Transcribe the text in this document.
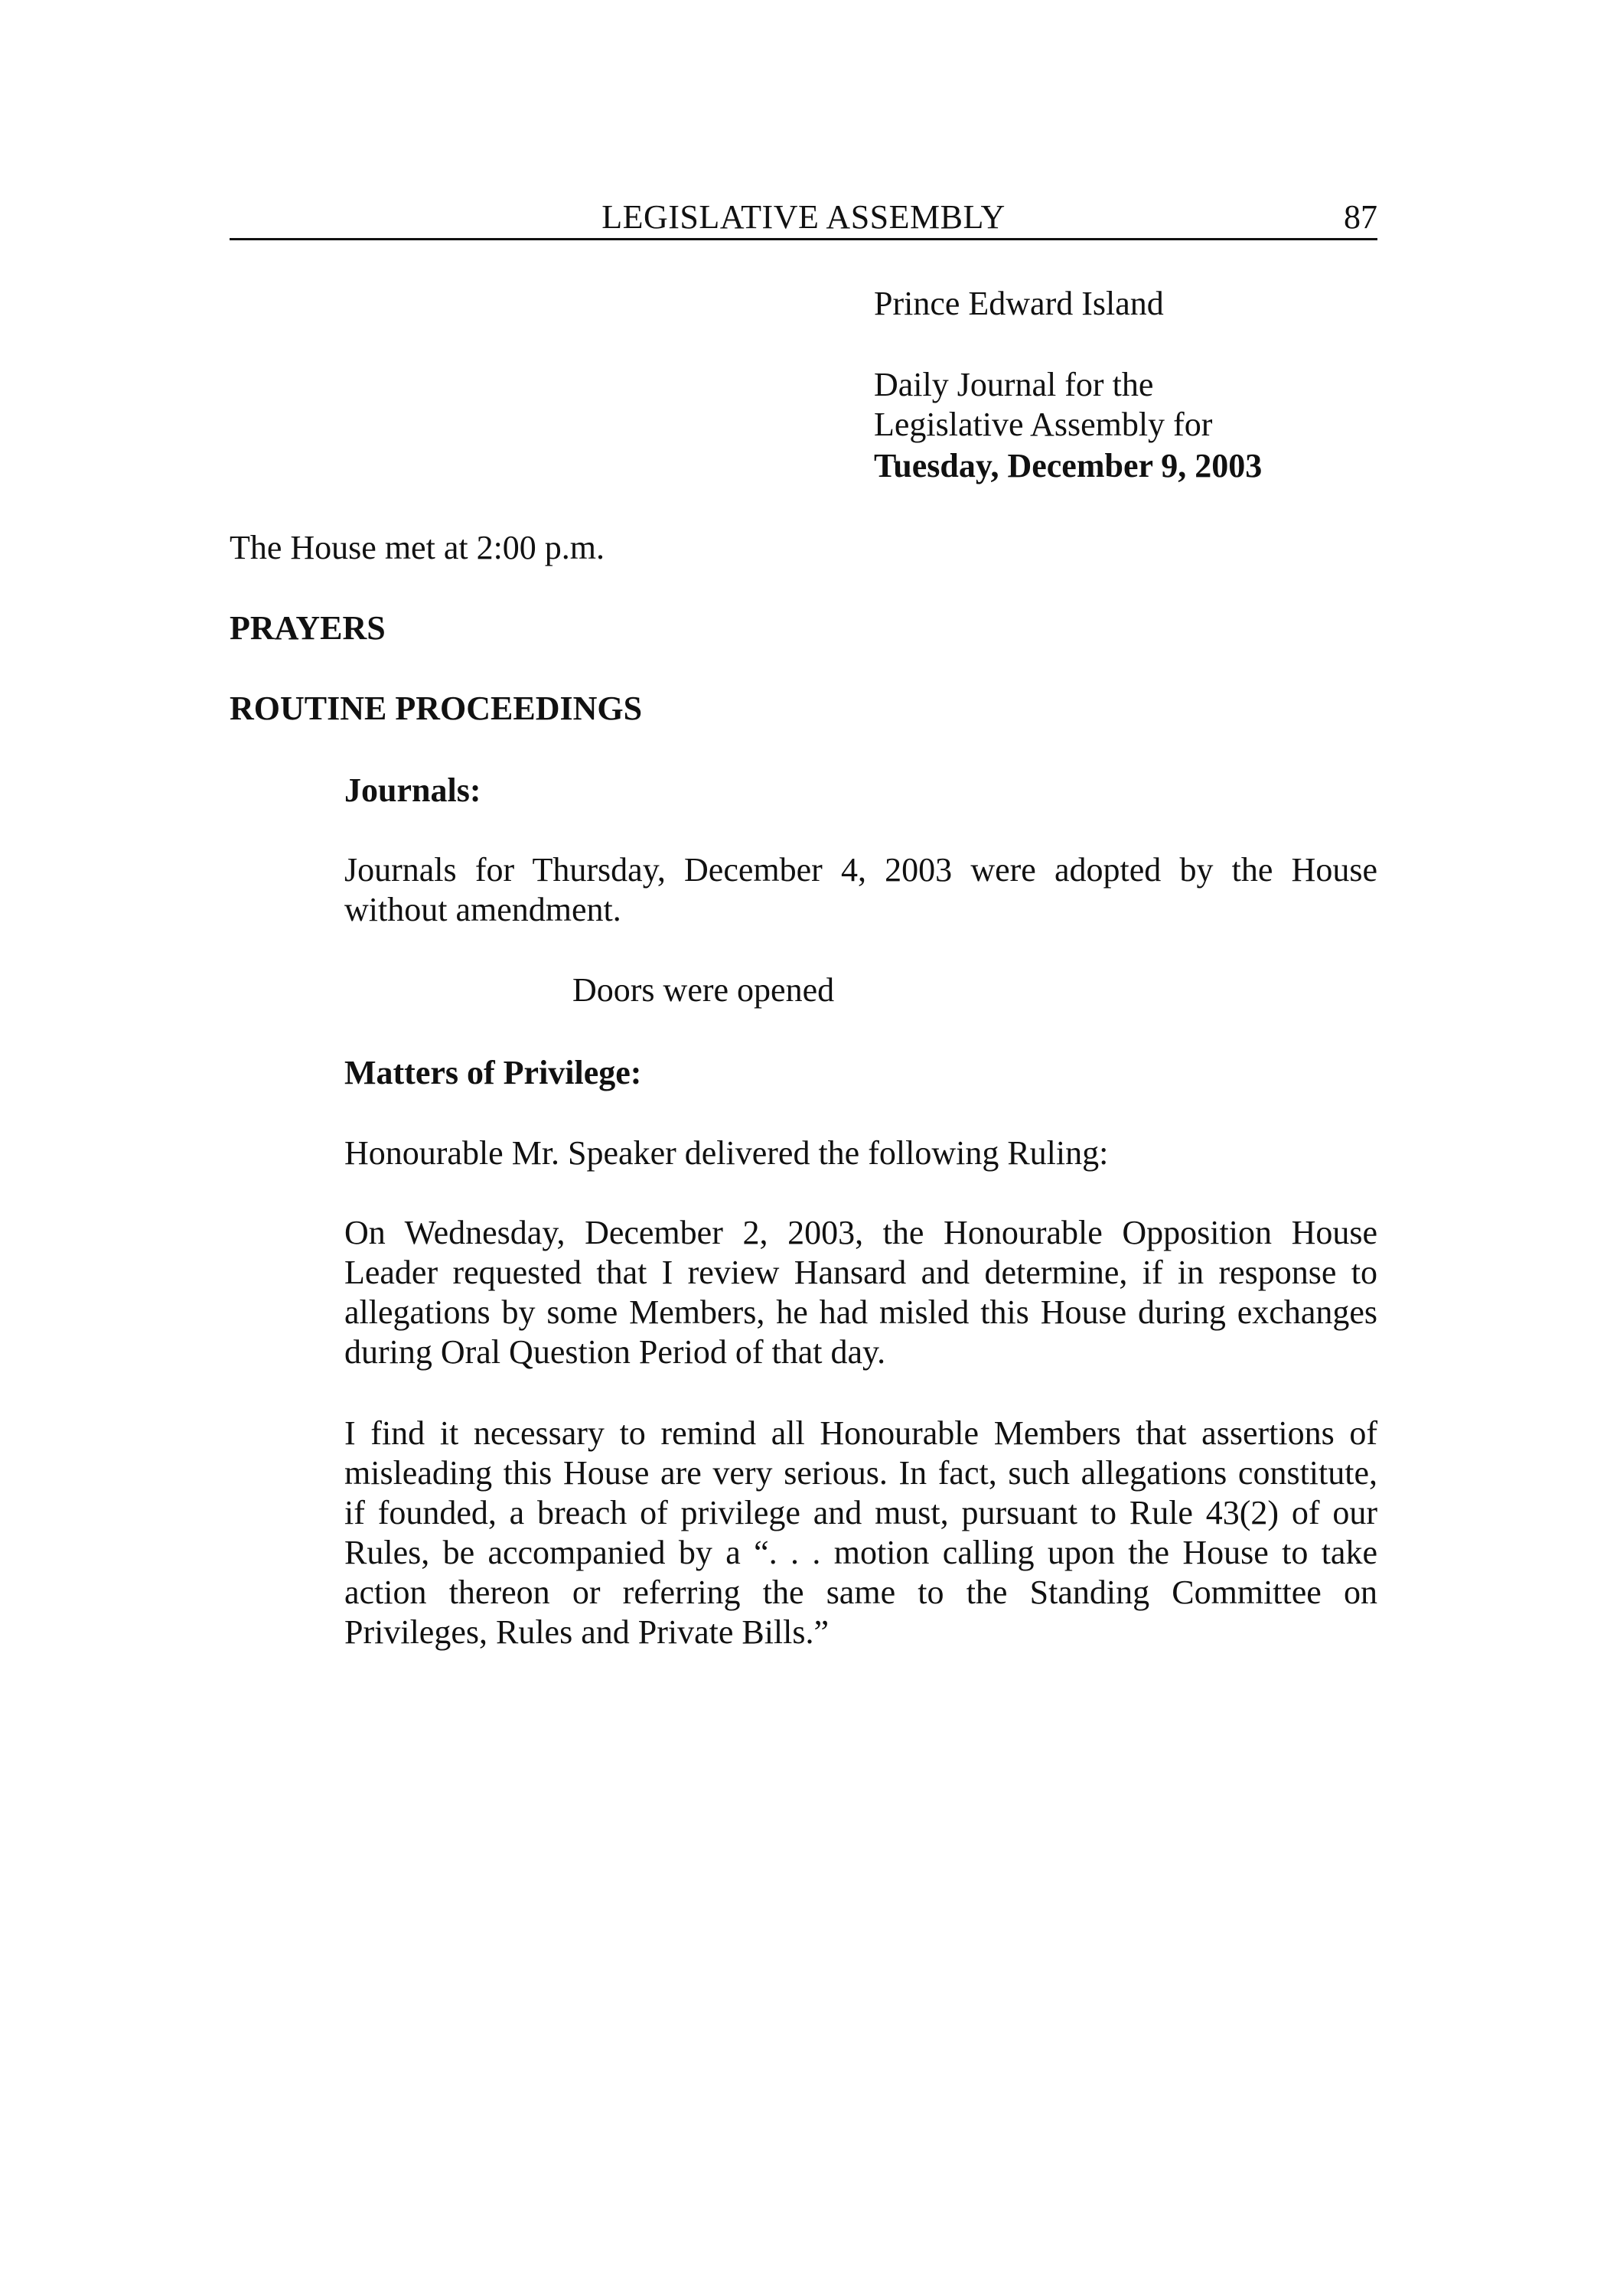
LEGISLATIVE ASSEMBLY	87

Prince Edward Island

Daily Journal for the

Legislative Assembly for

Tuesday, December 9, 2003

The House met at 2:00 p.m.

PRAYERS

ROUTINE PROCEEDINGS

Journals:

Journals for Thursday, December 4, 2003 were adopted by the House without amendment.

Doors were opened

Matters of Privilege:

Honourable Mr. Speaker delivered the following Ruling:

On Wednesday, December 2, 2003, the Honourable Opposition House Leader requested that I review Hansard and determine, if in response to allegations by some Members, he had misled this House during exchanges during Oral Question Period of that day.

I find it necessary to remind all Honourable Members that assertions of misleading this House are very serious. In fact, such allegations constitute, if founded, a breach of privilege and must, pursuant to Rule 43(2) of our Rules, be accompanied by a “. . . motion calling upon the House to take action thereon or referring the same to the Standing Committee on Privileges, Rules and Private Bills.”
